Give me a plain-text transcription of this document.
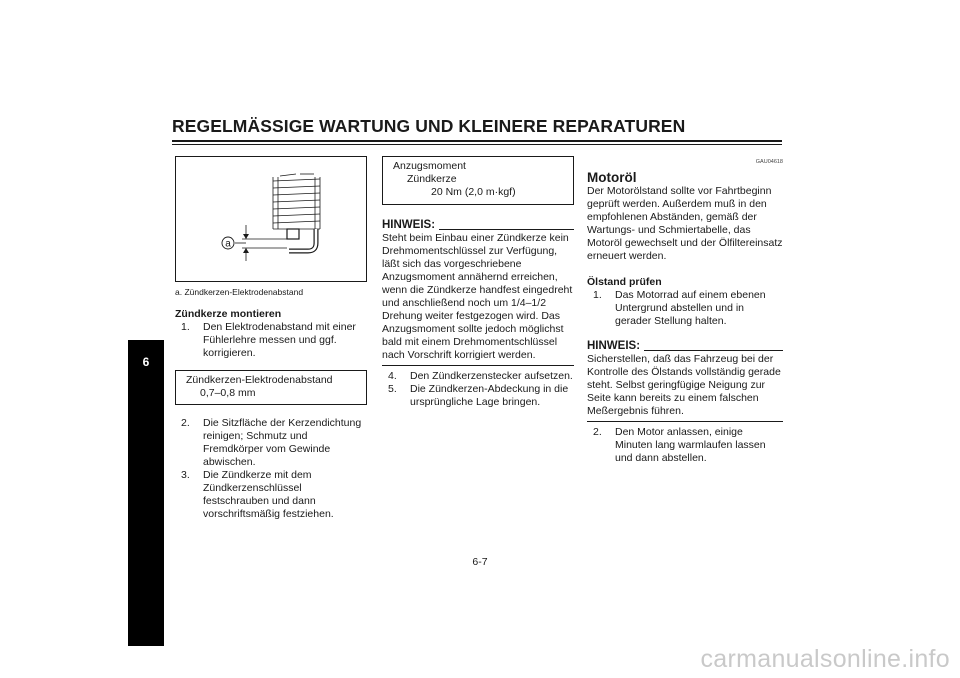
REGELMÄSSIGE WARTUNG UND KLEINERE REPARATUREN
6
a
a. Zündkerzen-Elektrodenabstand
Zündkerze montieren
1. Den Elektrodenabstand mit einer Fühlerlehre messen und ggf. korrigieren.
Zündkerzen-Elektrodenabstand
0,7–0,8 mm
2. Die Sitzfläche der Kerzendichtung reinigen; Schmutz und Fremdkörper vom Gewinde abwischen.
3. Die Zündkerze mit dem Zündkerzenschlüssel festschrauben und dann vorschriftsmäßig festziehen.
Anzugsmoment
Zündkerze
20 Nm (2,0 m·kgf)
HINWEIS:
Steht beim Einbau einer Zündkerze kein Drehmomentschlüssel zur Verfügung, läßt sich das vorgeschriebene Anzugsmoment annähernd erreichen, wenn die Zündkerze handfest eingedreht und anschließend noch um 1/4–1/2 Drehung weiter festgezogen wird. Das Anzugsmoment sollte jedoch möglichst bald mit einem Drehmomentschlüssel nach Vorschrift korrigiert werden.
4. Den Zündkerzenstecker aufsetzen.
5. Die Zündkerzen-Abdeckung in die ursprüngliche Lage bringen.
GAU04618
Motoröl
Der Motorölstand sollte vor Fahrtbeginn geprüft werden. Außerdem muß in den empfohlenen Abständen, gemäß der Wartungs- und Schmiertabelle, das Motoröl gewechselt und der Ölfiltereinsatz erneuert werden.
Ölstand prüfen
1. Das Motorrad auf einem ebenen Untergrund abstellen und in gerader Stellung halten.
HINWEIS:
Sicherstellen, daß das Fahrzeug bei der Kontrolle des Ölstands vollständig gerade steht. Selbst geringfügige Neigung zur Seite kann bereits zu einem falschen Meßergebnis führen.
2. Den Motor anlassen, einige Minuten lang warmlaufen lassen und dann abstellen.
6-7
carmanualsonline.info
